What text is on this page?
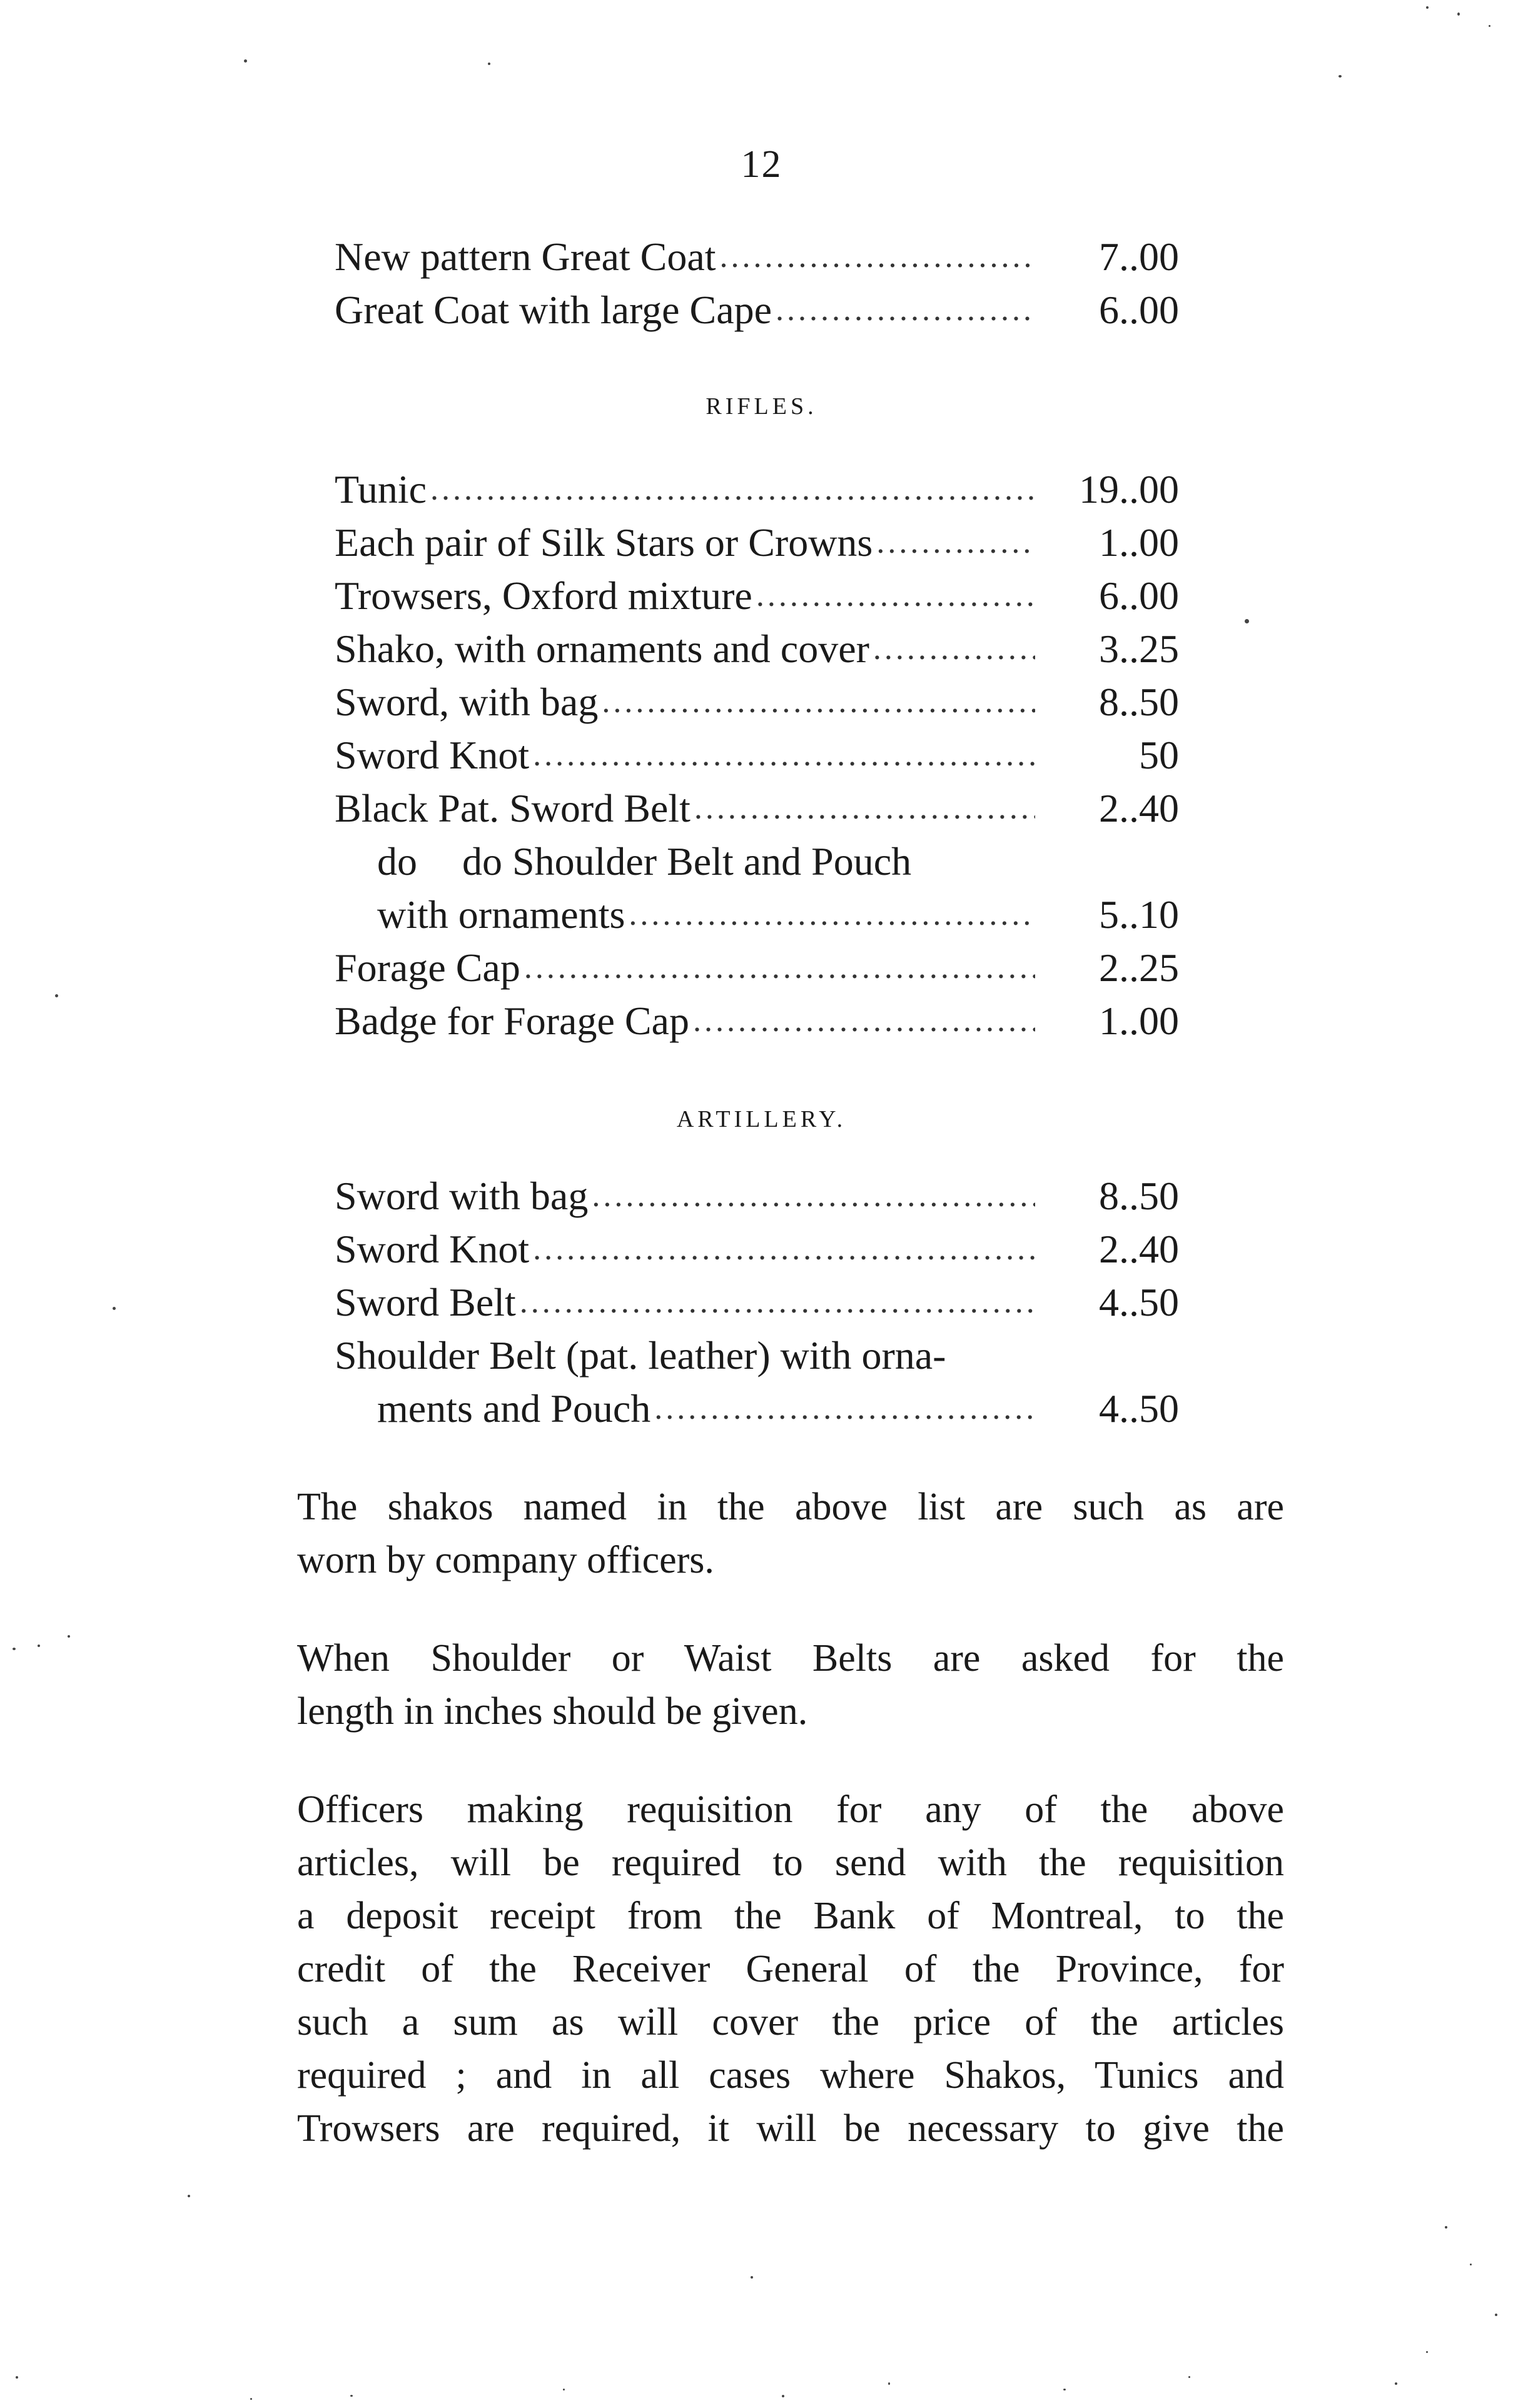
12
New pattern Great Coat .....	7..00
Great Coat with large Cape .....	6..00
RIFLES.
Tunic .....	19..00
Each pair of Silk Stars or Crowns .....	1..00
Trowsers, Oxford mixture .....	6..00
Shako, with ornaments and cover .....	3..25
Sword, with bag .....	8..50
Sword Knot .....	50
Black Pat. Sword Belt .....	2..40
do do Shoulder Belt and Pouch
with ornaments .....	5..10
Forage Cap .....	2..25
Badge for Forage Cap .....	1..00
ARTILLERY.
Sword with bag .....	8..50
Sword Knot .....	2..40
Sword Belt .....	4..50
Shoulder Belt (pat. leather) with orna-
ments and Pouch .....	4..50
The shakos named in the above list are such as are
worn by company officers.
When Shoulder or Waist Belts are asked for the
length in inches should be given.
Officers making requisition for any of the above
articles, will be required to send with the requisition
a deposit receipt from the Bank of Montreal, to the
credit of the Receiver General of the Province, for
such a sum as will cover the price of the articles
required ; and in all cases where Shakos, Tunics and
Trowsers are required, it will be necessary to give the
